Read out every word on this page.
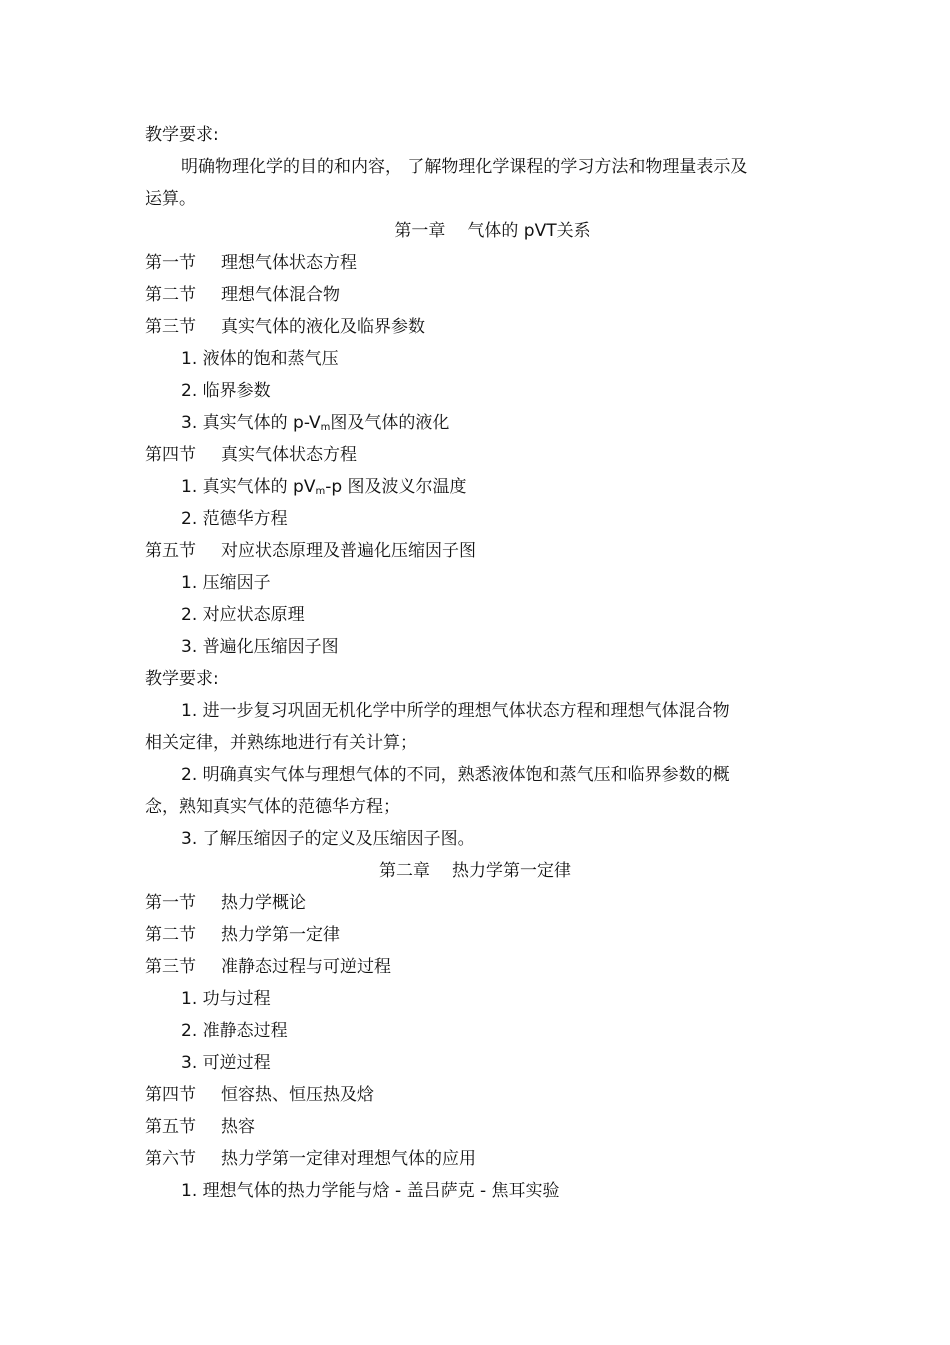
教学要求:
明确物理化学的目的和内容， 了解物理化学课程的学习方法和物理量表示及
运算。
第一章 气体的 pVT关系
第一节 理想气体状态方程
第二节 理想气体混合物
第三节 真实气体的液化及临界参数
1. 液体的饱和蒸气压
2. 临界参数
3. 真实气体的 $p-V_m$图及气体的液化
第四节 真实气体状态方程
1. 真实气体的 $pV_m-p$ 图及波义尔温度
2. 范德华方程
第五节 对应状态原理及普遍化压缩因子图
1. 压缩因子
2. 对应状态原理
3. 普遍化压缩因子图
教学要求:
1. 进一步复习巩固无机化学中所学的理想气体状态方程和理想气体混合物
相关定律，并熟练地进行有关计算；
2. 明确真实气体与理想气体的不同，熟悉液体饱和蒸气压和临界参数的概
念，熟知真实气体的范德华方程；
3. 了解压缩因子的定义及压缩因子图。
第二章 热力学第一定律
第一节 热力学概论
第二节 热力学第一定律
第三节 准静态过程与可逆过程
1. 功与过程
2. 准静态过程
3. 可逆过程
第四节 恒容热、恒压热及焓
第五节 热容
第六节 热力学第一定律对理想气体的应用
1. 理想气体的热力学能与焓 - 盖吕萨克 - 焦耳实验
